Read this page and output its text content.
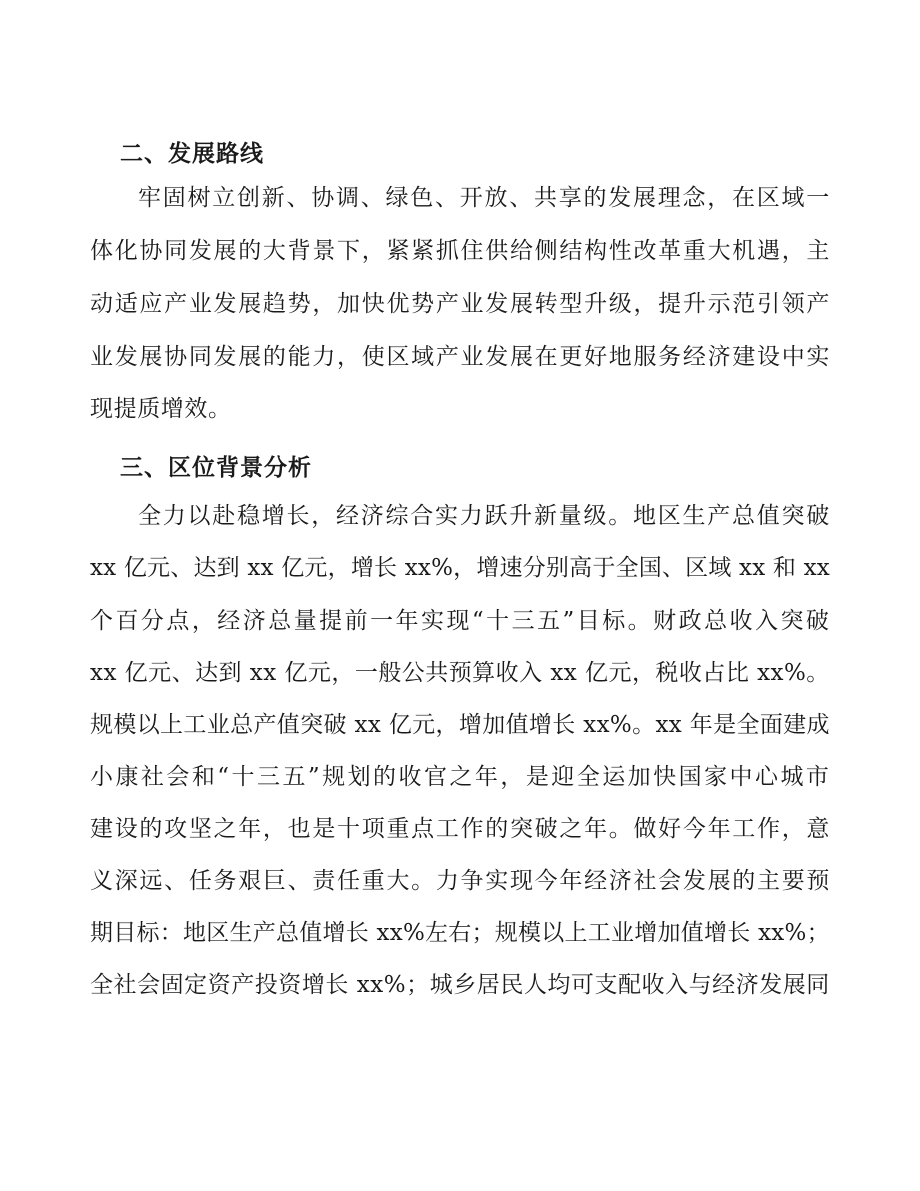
二、发展路线
牢固树立创新、协调、绿色、开放、共享的发展理念，在区域一
体化协同发展的大背景下，紧紧抓住供给侧结构性改革重大机遇，主
动适应产业发展趋势，加快优势产业发展转型升级，提升示范引领产
业发展协同发展的能力，使区域产业发展在更好地服务经济建设中实
现提质增效。
三、区位背景分析
全力以赴稳增长，经济综合实力跃升新量级。地区生产总值突破
xx 亿元、达到 xx 亿元，增长 xx%，增速分别高于全国、区域 xx 和 xx
个百分点，经济总量提前一年实现“十三五”目标。财政总收入突破
xx 亿元、达到 xx 亿元，一般公共预算收入 xx 亿元，税收占比 xx%。
规模以上工业总产值突破 xx 亿元，增加值增长 xx%。xx 年是全面建成
小康社会和“十三五”规划的收官之年，是迎全运加快国家中心城市
建设的攻坚之年，也是十项重点工作的突破之年。做好今年工作，意
义深远、任务艰巨、责任重大。力争实现今年经济社会发展的主要预
期目标：地区生产总值增长 xx%左右；规模以上工业增加值增长 xx%；
全社会固定资产投资增长 xx%；城乡居民人均可支配收入与经济发展同
